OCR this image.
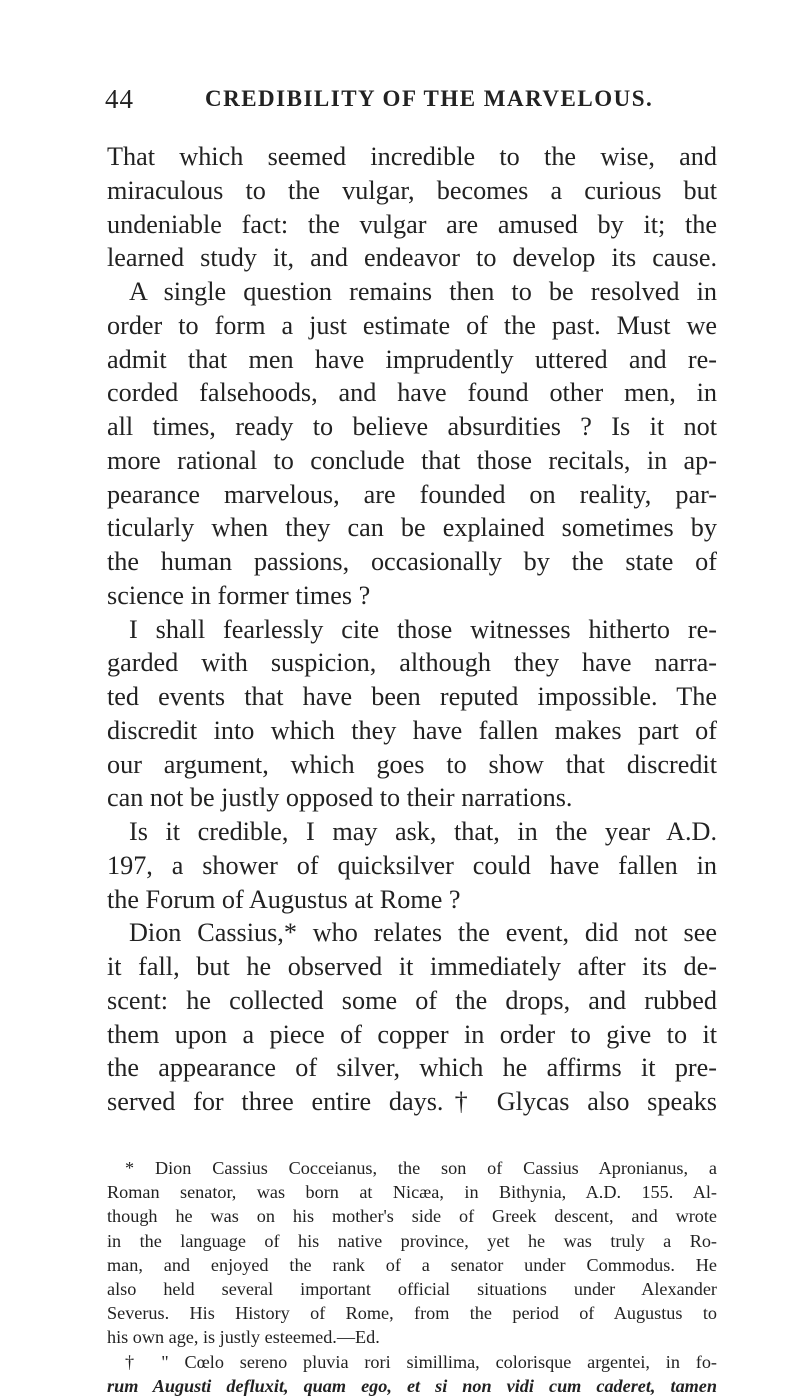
44	CREDIBILITY OF THE MARVELOUS.
That which seemed incredible to the wise, and
miraculous to the vulgar, becomes a curious but
undeniable fact: the vulgar are amused by it; the
learned study it, and endeavor to develop its cause.
A single question remains then to be resolved in
order to form a just estimate of the past. Must we
admit that men have imprudently uttered and re-
corded falsehoods, and have found other men, in
all times, ready to believe absurdities ? Is it not
more rational to conclude that those recitals, in ap-
pearance marvelous, are founded on reality, par-
ticularly when they can be explained sometimes by
the human passions, occasionally by the state of
science in former times ?
I shall fearlessly cite those witnesses hitherto re-
garded with suspicion, although they have narra-
ted events that have been reputed impossible. The
discredit into which they have fallen makes part of
our argument, which goes to show that discredit
can not be justly opposed to their narrations.
Is it credible, I may ask, that, in the year A.D.
197, a shower of quicksilver could have fallen in
the Forum of Augustus at Rome ?
Dion Cassius,* who relates the event, did not see
it fall, but he observed it immediately after its de-
scent: he collected some of the drops, and rubbed
them upon a piece of copper in order to give to it
the appearance of silver, which he affirms it pre-
served for three entire days.† Glycas also speaks
* Dion Cassius Cocceianus, the son of Cassius Apronianus, a
Roman senator, was born at Nicæa, in Bithynia, A.D. 155. Al-
though he was on his mother's side of Greek descent, and wrote
in the language of his native province, yet he was truly a Ro-
man, and enjoyed the rank of a senator under Commodus. He
also held several important official situations under Alexander
Severus. His History of Rome, from the period of Augustus to
his own age, is justly esteemed.—Ed.
† " Cœlo sereno pluvia rori simillima, colorisque argentei, in fo-
rum Augusti defluxit, quam ego, et si non vidi cum caderet, tamen
